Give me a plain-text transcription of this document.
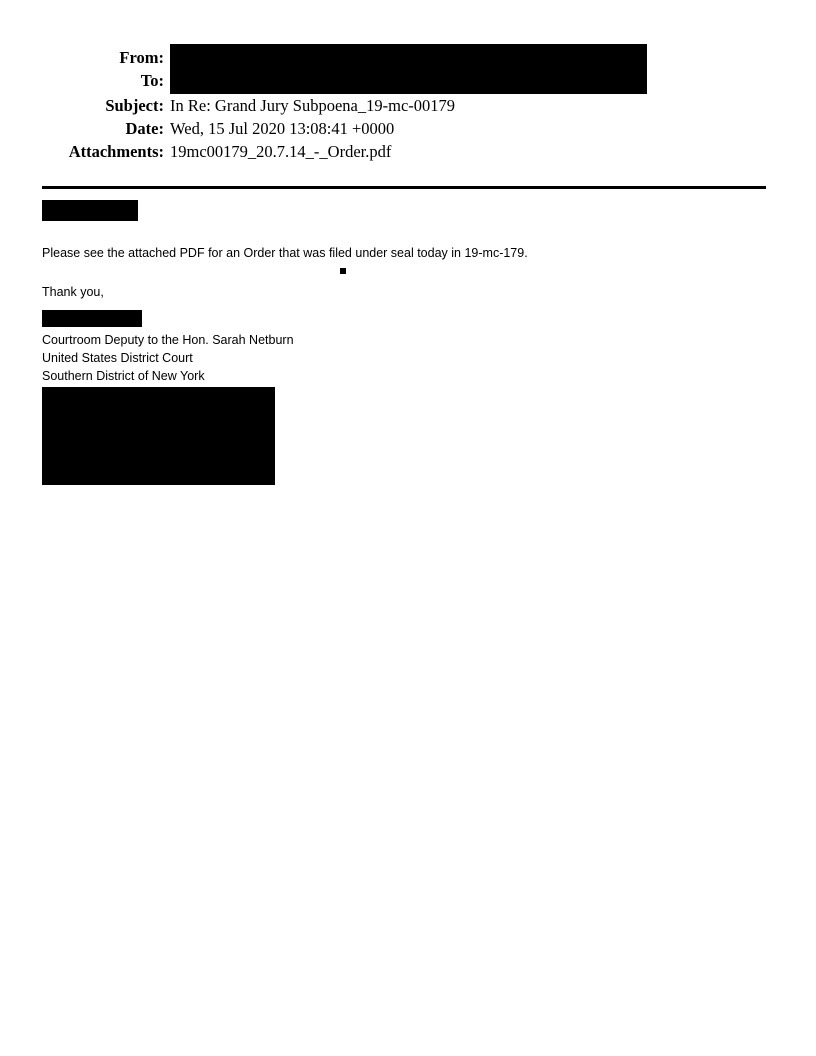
From:
To:
Subject: In Re: Grand Jury Subpoena_19-mc-00179
Date: Wed, 15 Jul 2020 13:08:41 +0000
Attachments: 19mc00179_20.7.14_-_Order.pdf

Please see the attached PDF for an Order that was filed under seal today in 19-mc-179.

Thank you,

Courtroom Deputy to the Hon. Sarah Netburn
United States District Court
Southern District of New York
